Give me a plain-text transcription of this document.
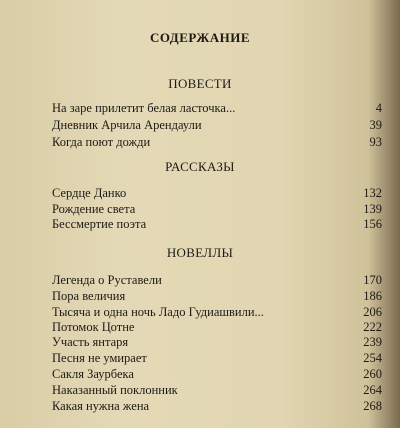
СОДЕРЖАНИЕ
ПОВЕСТИ
На заре прилетит белая ласточка...	4
Дневник Арчила Арендаули	39
Когда поют дожди	93
РАССКАЗЫ
Сердце Данко	132
Рождение света	139
Бессмертие поэта	156
НОВЕЛЛЫ
Легенда о Руставели	170
Пора величия	186
Тысяча и одна ночь Ладо Гудиашвили...	206
Потомок Цотне	222
Участь янтаря	239
Песня не умирает	254
Сакля Заурбека	260
Наказанный поклонник	264
Какая нужна жена	268
